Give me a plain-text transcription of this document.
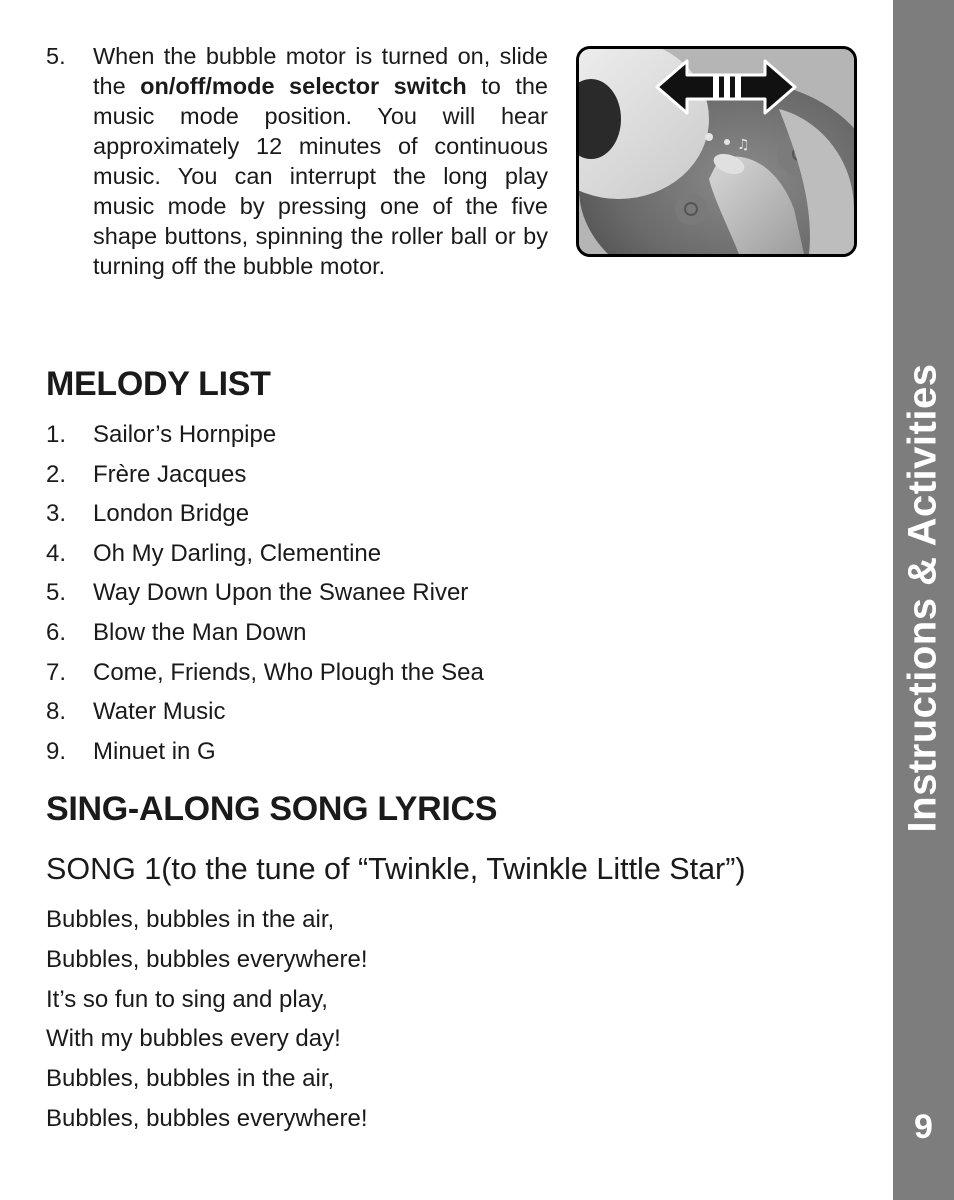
5. When the bubble motor is turned on, slide the on/off/mode selector switch to the music mode position. You will hear approximately 12 minutes of continuous music. You can interrupt the long play music mode by pressing one of the five shape buttons, spinning the roller ball or by turning off the bubble motor.
♫
MELODY LIST
1. Sailor’s Hornpipe
2. Frère Jacques
3. London Bridge
4. Oh My Darling, Clementine
5. Way Down Upon the Swanee River
6. Blow the Man Down
7. Come, Friends, Who Plough the Sea
8. Water Music
9. Minuet in G
SING-ALONG SONG LYRICS
SONG 1(to the tune of “Twinkle, Twinkle Little Star”)
Bubbles, bubbles in the air,
Bubbles, bubbles everywhere!
It’s so fun to sing and play,
With my bubbles every day!
Bubbles, bubbles in the air,
Bubbles, bubbles everywhere!
Instructions & Activities
9
